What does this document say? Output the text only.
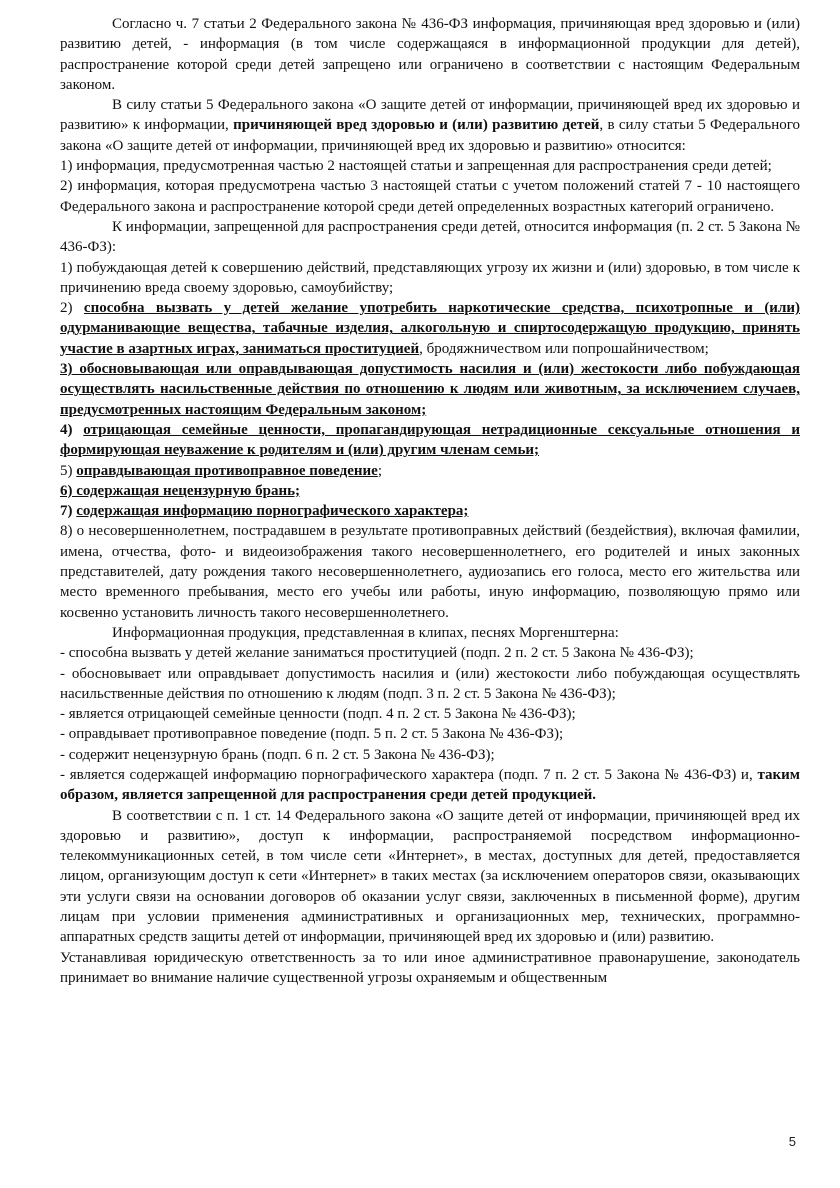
Согласно ч. 7 статьи 2 Федерального закона № 436-ФЗ информация, причиняющая вред здоровью и (или) развитию детей, - информация (в том числе содержащаяся в информационной продукции для детей), распространение которой среди детей запрещено или ограничено в соответствии с настоящим Федеральным законом.

В силу статьи 5 Федерального закона «О защите детей от информации, причиняющей вред их здоровью и развитию» к информации, причиняющей вред здоровью и (или) развитию детей, в силу статьи 5 Федерального закона «О защите детей от информации, причиняющей вред их здоровью и развитию» относится:

1) информация, предусмотренная частью 2 настоящей статьи и запрещенная для распространения среди детей;

2) информация, которая предусмотрена частью 3 настоящей статьи с учетом положений статей 7 - 10 настоящего Федерального закона и распространение которой среди детей определенных возрастных категорий ограничено.

К информации, запрещенной для распространения среди детей, относится информация (п. 2 ст. 5 Закона № 436-ФЗ):

1) побуждающая детей к совершению действий, представляющих угрозу их жизни и (или) здоровью, в том числе к причинению вреда своему здоровью, самоубийству;

2) способна вызвать у детей желание употребить наркотические средства, психотропные и (или) одурманивающие вещества, табачные изделия, алкогольную и спиртосодержащую продукцию, принять участие в азартных играх, заниматься проституцией, бродяжничеством или попрошайничеством;

3) обосновывающая или оправдывающая допустимость насилия и (или) жестокости либо побуждающая осуществлять насильственные действия по отношению к людям или животным, за исключением случаев, предусмотренных настоящим Федеральным законом;

4) отрицающая семейные ценности, пропагандирующая нетрадиционные сексуальные отношения и формирующая неуважение к родителям и (или) другим членам семьи;

5) оправдывающая противоправное поведение;

6) содержащая нецензурную брань;

7) содержащая информацию порнографического характера;

8) о несовершеннолетнем, пострадавшем в результате противоправных действий (бездействия), включая фамилии, имена, отчества, фото- и видеоизображения такого несовершеннолетнего, его родителей и иных законных представителей, дату рождения такого несовершеннолетнего, аудиозапись его голоса, место его жительства или место временного пребывания, место его учебы или работы, иную информацию, позволяющую прямо или косвенно установить личность такого несовершеннолетнего.

Информационная продукция, представленная в клипах, песнях Моргенштерна:

- способна вызвать у детей желание заниматься проституцией (подп. 2 п. 2 ст. 5 Закона № 436-ФЗ);

- обосновывает или оправдывает допустимость насилия и (или) жестокости либо побуждающая осуществлять насильственные действия по отношению к людям (подп. 3 п. 2 ст. 5 Закона № 436-ФЗ);

- является отрицающей семейные ценности (подп. 4 п. 2 ст. 5 Закона № 436-ФЗ);

- оправдывает противоправное поведение (подп. 5 п. 2 ст. 5 Закона № 436-ФЗ);

- содержит нецензурную брань (подп. 6 п. 2 ст. 5 Закона № 436-ФЗ);

- является содержащей информацию порнографического характера (подп. 7 п. 2 ст. 5 Закона № 436-ФЗ) и, таким образом, является запрещенной для распространения среди детей продукцией.

В соответствии с п. 1 ст. 14 Федерального закона «О защите детей от информации, причиняющей вред их здоровью и развитию», доступ к информации, распространяемой посредством информационно-телекоммуникационных сетей, в том числе сети «Интернет», в местах, доступных для детей, предоставляется лицом, организующим доступ к сети «Интернет» в таких местах (за исключением операторов связи, оказывающих эти услуги связи на основании договоров об оказании услуг связи, заключенных в письменной форме), другим лицам при условии применения административных и организационных мер, технических, программно-аппаратных средств защиты детей от информации, причиняющей вред их здоровью и (или) развитию.

Устанавливая юридическую ответственность за то или иное административное правонарушение, законодатель принимает во внимание наличие существенной угрозы охраняемым и общественным

5
